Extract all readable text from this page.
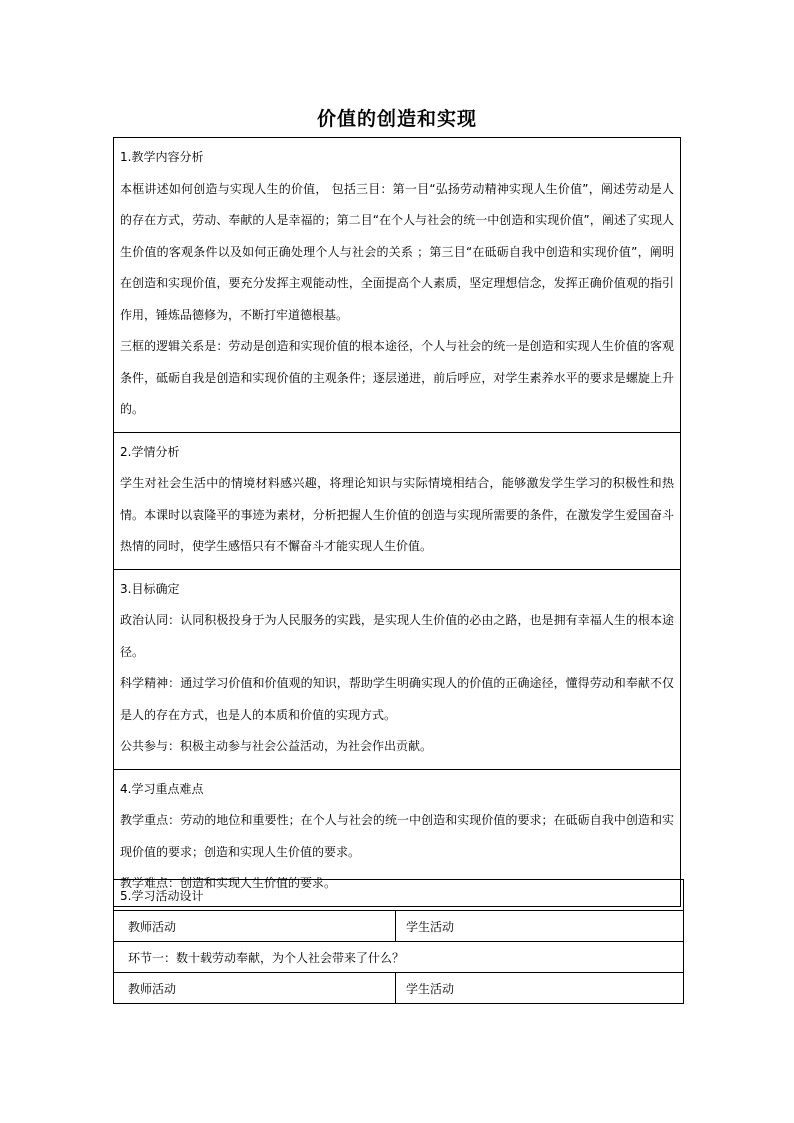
价值的创造和实现
1.教学内容分析
本框讲述如何创造与实现人生的价值， 包括三目：第一目“弘扬劳动精神实现人生价值”，阐述劳动是人的存在方式，劳动、奉献的人是幸福的；第二目“在个人与社会的统一中创造和实现价值”，阐述了实现人生价值的客观条件以及如何正确处理个人与社会的关系 ；第三目“在砥砺自我中创造和实现价值”，阐明在创造和实现价值，要充分发挥主观能动性，全面提高个人素质，坚定理想信念，发挥正确价值观的指引作用，锤炼品德修为，不断打牢道德根基。
三框的逻辑关系是：劳动是创造和实现价值的根本途径，个人与社会的统一是创造和实现人生价值的客观条件，砥砺自我是创造和实现价值的主观条件；逐层递进，前后呼应，对学生素养水平的要求是螺旋上升的。

2.学情分析
学生对社会生活中的情境材料感兴趣，将理论知识与实际情境相结合，能够激发学生学习的积极性和热情。本课时以袁隆平的事迹为素材，分析把握人生价值的创造与实现所需要的条件，在激发学生爱国奋斗热情的同时，使学生感悟只有不懈奋斗才能实现人生价值。

3.目标确定
政治认同：认同积极投身于为人民服务的实践，是实现人生价值的必由之路，也是拥有幸福人生的根本途径。
科学精神：通过学习价值和价值观的知识，帮助学生明确实现人的价值的正确途径，懂得劳动和奉献不仅是人的存在方式，也是人的本质和价值的实现方式。
公共参与：积极主动参与社会公益活动，为社会作出贡献。

4.学习重点难点
教学重点：劳动的地位和重要性；在个人与社会的统一中创造和实现价值的要求；在砥砺自我中创造和实现价值的要求；创造和实现人生价值的要求。
教学难点：创造和实现人生价值的要求。
5.学习活动设计	
教师活动	学生活动
环节一：数十载劳动奉献，为个人社会带来了什么？	
教师活动	学生活动
